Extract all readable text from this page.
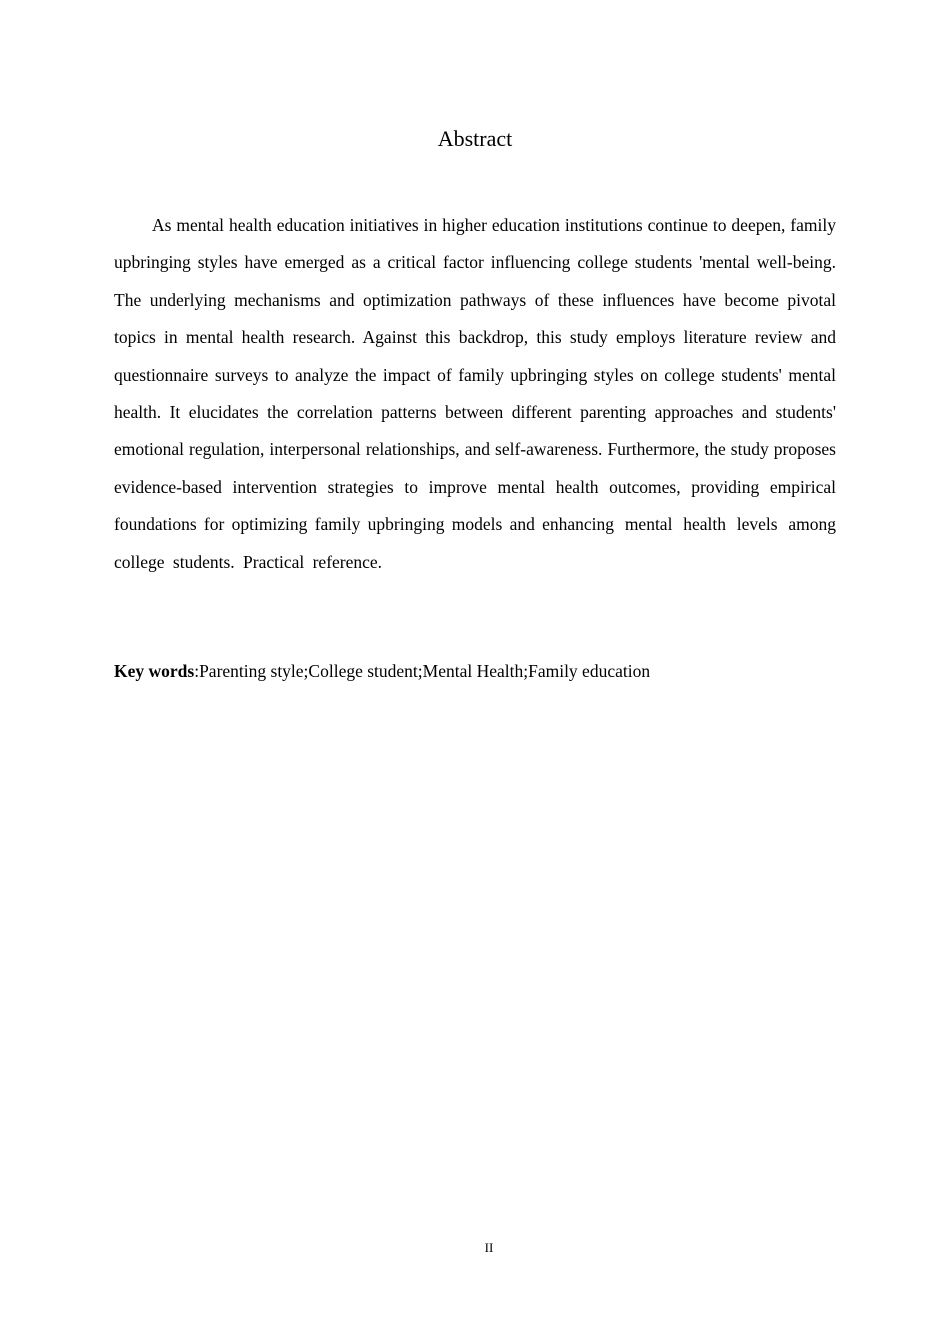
Abstract

As mental health education initiatives in higher education institutions continue to deepen, family upbringing styles have emerged as a critical factor influencing college students 'mental well-being. The underlying mechanisms and optimization pathways of these influences have become pivotal topics in mental health research. Against this backdrop, this study employs literature review and questionnaire surveys to analyze the impact of family upbringing styles on college students' mental health. It elucidates the correlation patterns between different parenting approaches and students' emotional regulation, interpersonal relationships, and self-awareness. Furthermore, the study proposes evidence-based intervention strategies to improve mental health outcomes, providing empirical foundations for optimizing family upbringing models and enhancing mental health levels among college students. Practical reference.

Key words:Parenting style;College student;Mental Health;Family education
II
